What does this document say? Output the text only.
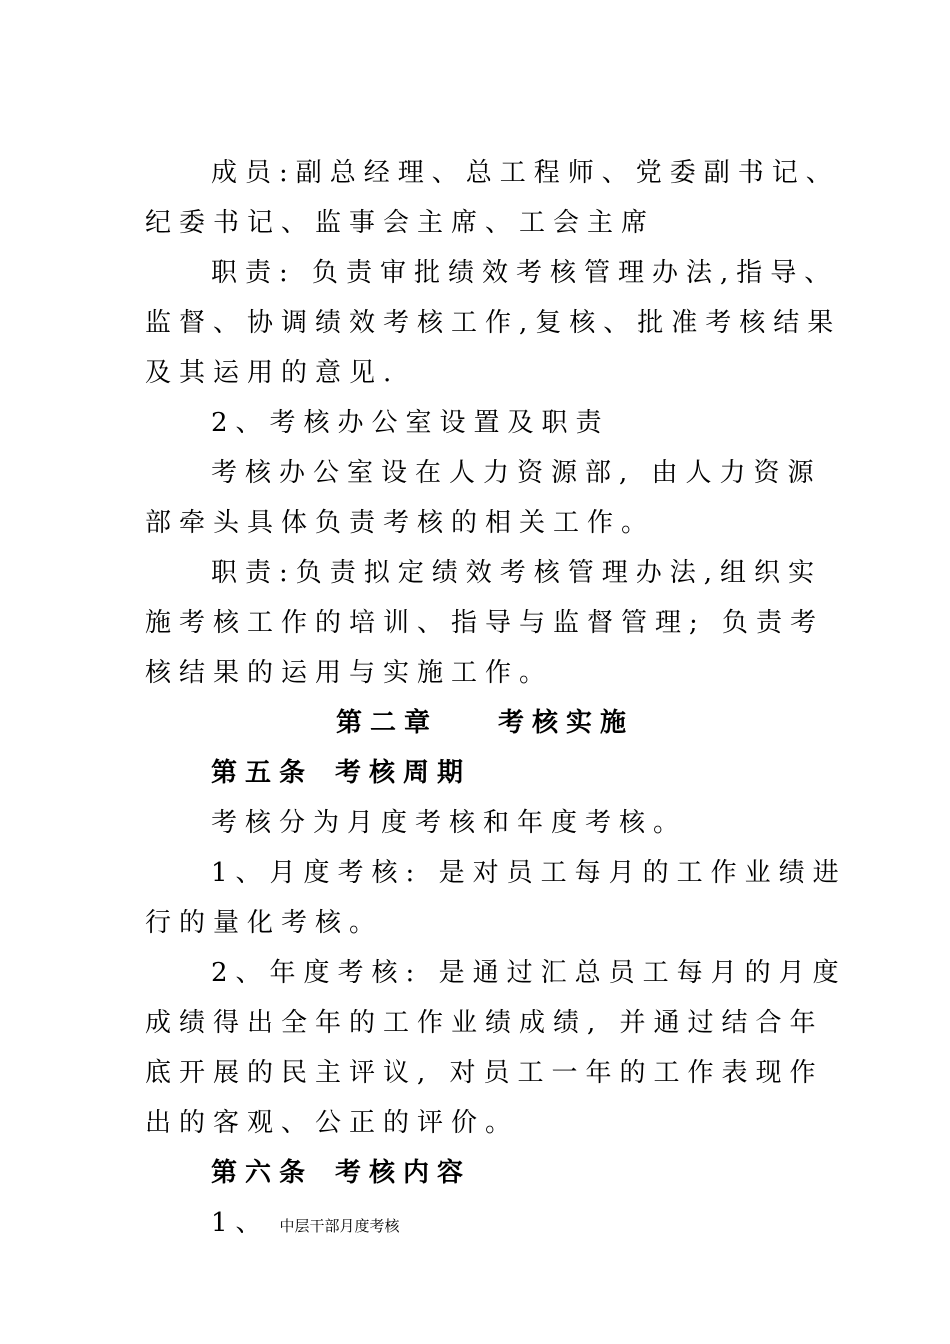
成员:副总经理、总工程师、党委副书记、
纪委书记、监事会主席、工会主席
职责: 负责审批绩效考核管理办法,指导、
监督、协调绩效考核工作,复核、批准考核结果
及其运用的意见.
2、考核办公室设置及职责
考核办公室设在人力资源部, 由人力资源
部牵头具体负责考核的相关工作。
职责:负责拟定绩效考核管理办法,组织实
施考核工作的培训、指导与监督管理; 负责考
核结果的运用与实施工作。
第二章 考核实施
第五条 考核周期
考核分为月度考核和年度考核。
1、月度考核: 是对员工每月的工作业绩进
行的量化考核。
2、年度考核: 是通过汇总员工每月的月度
成绩得出全年的工作业绩成绩, 并通过结合年
底开展的民主评议, 对员工一年的工作表现作
出的客观、公正的评价。
第六条 考核内容
1、 中层干部月度考核
